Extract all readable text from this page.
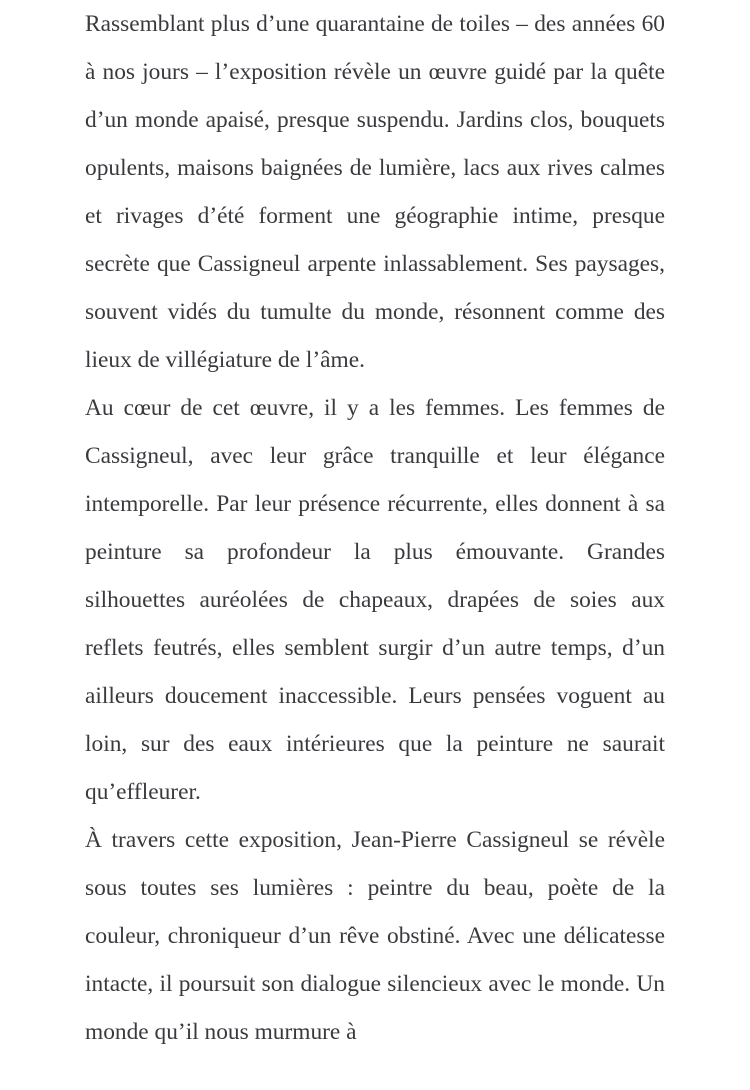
Rassemblant plus d’une quarantaine de toiles – des années 60 à nos jours – l’exposition révèle un œuvre guidé par la quête d’un monde apaisé, presque suspendu. Jardins clos, bouquets opulents, maisons baignées de lumière, lacs aux rives calmes et rivages d’été forment une géographie intime, presque secrète que Cassigneul arpente inlassablement. Ses paysages, souvent vidés du tumulte du monde, résonnent comme des lieux de villégiature de l’âme.

Au cœur de cet œuvre, il y a les femmes. Les femmes de Cassigneul, avec leur grâce tranquille et leur élégance intemporelle. Par leur présence récurrente, elles donnent à sa peinture sa profondeur la plus émouvante. Grandes silhouettes auréolées de chapeaux, drapées de soies aux reflets feutrés, elles semblent surgir d’un autre temps, d’un ailleurs doucement inaccessible. Leurs pensées voguent au loin, sur des eaux intérieures que la peinture ne saurait qu’effleurer.

À travers cette exposition, Jean-Pierre Cassigneul se révèle sous toutes ses lumières : peintre du beau, poète de la couleur, chroniqueur d’un rêve obstiné. Avec une délicatesse intacte, il poursuit son dialogue silencieux avec le monde. Un monde qu’il nous murmure à
